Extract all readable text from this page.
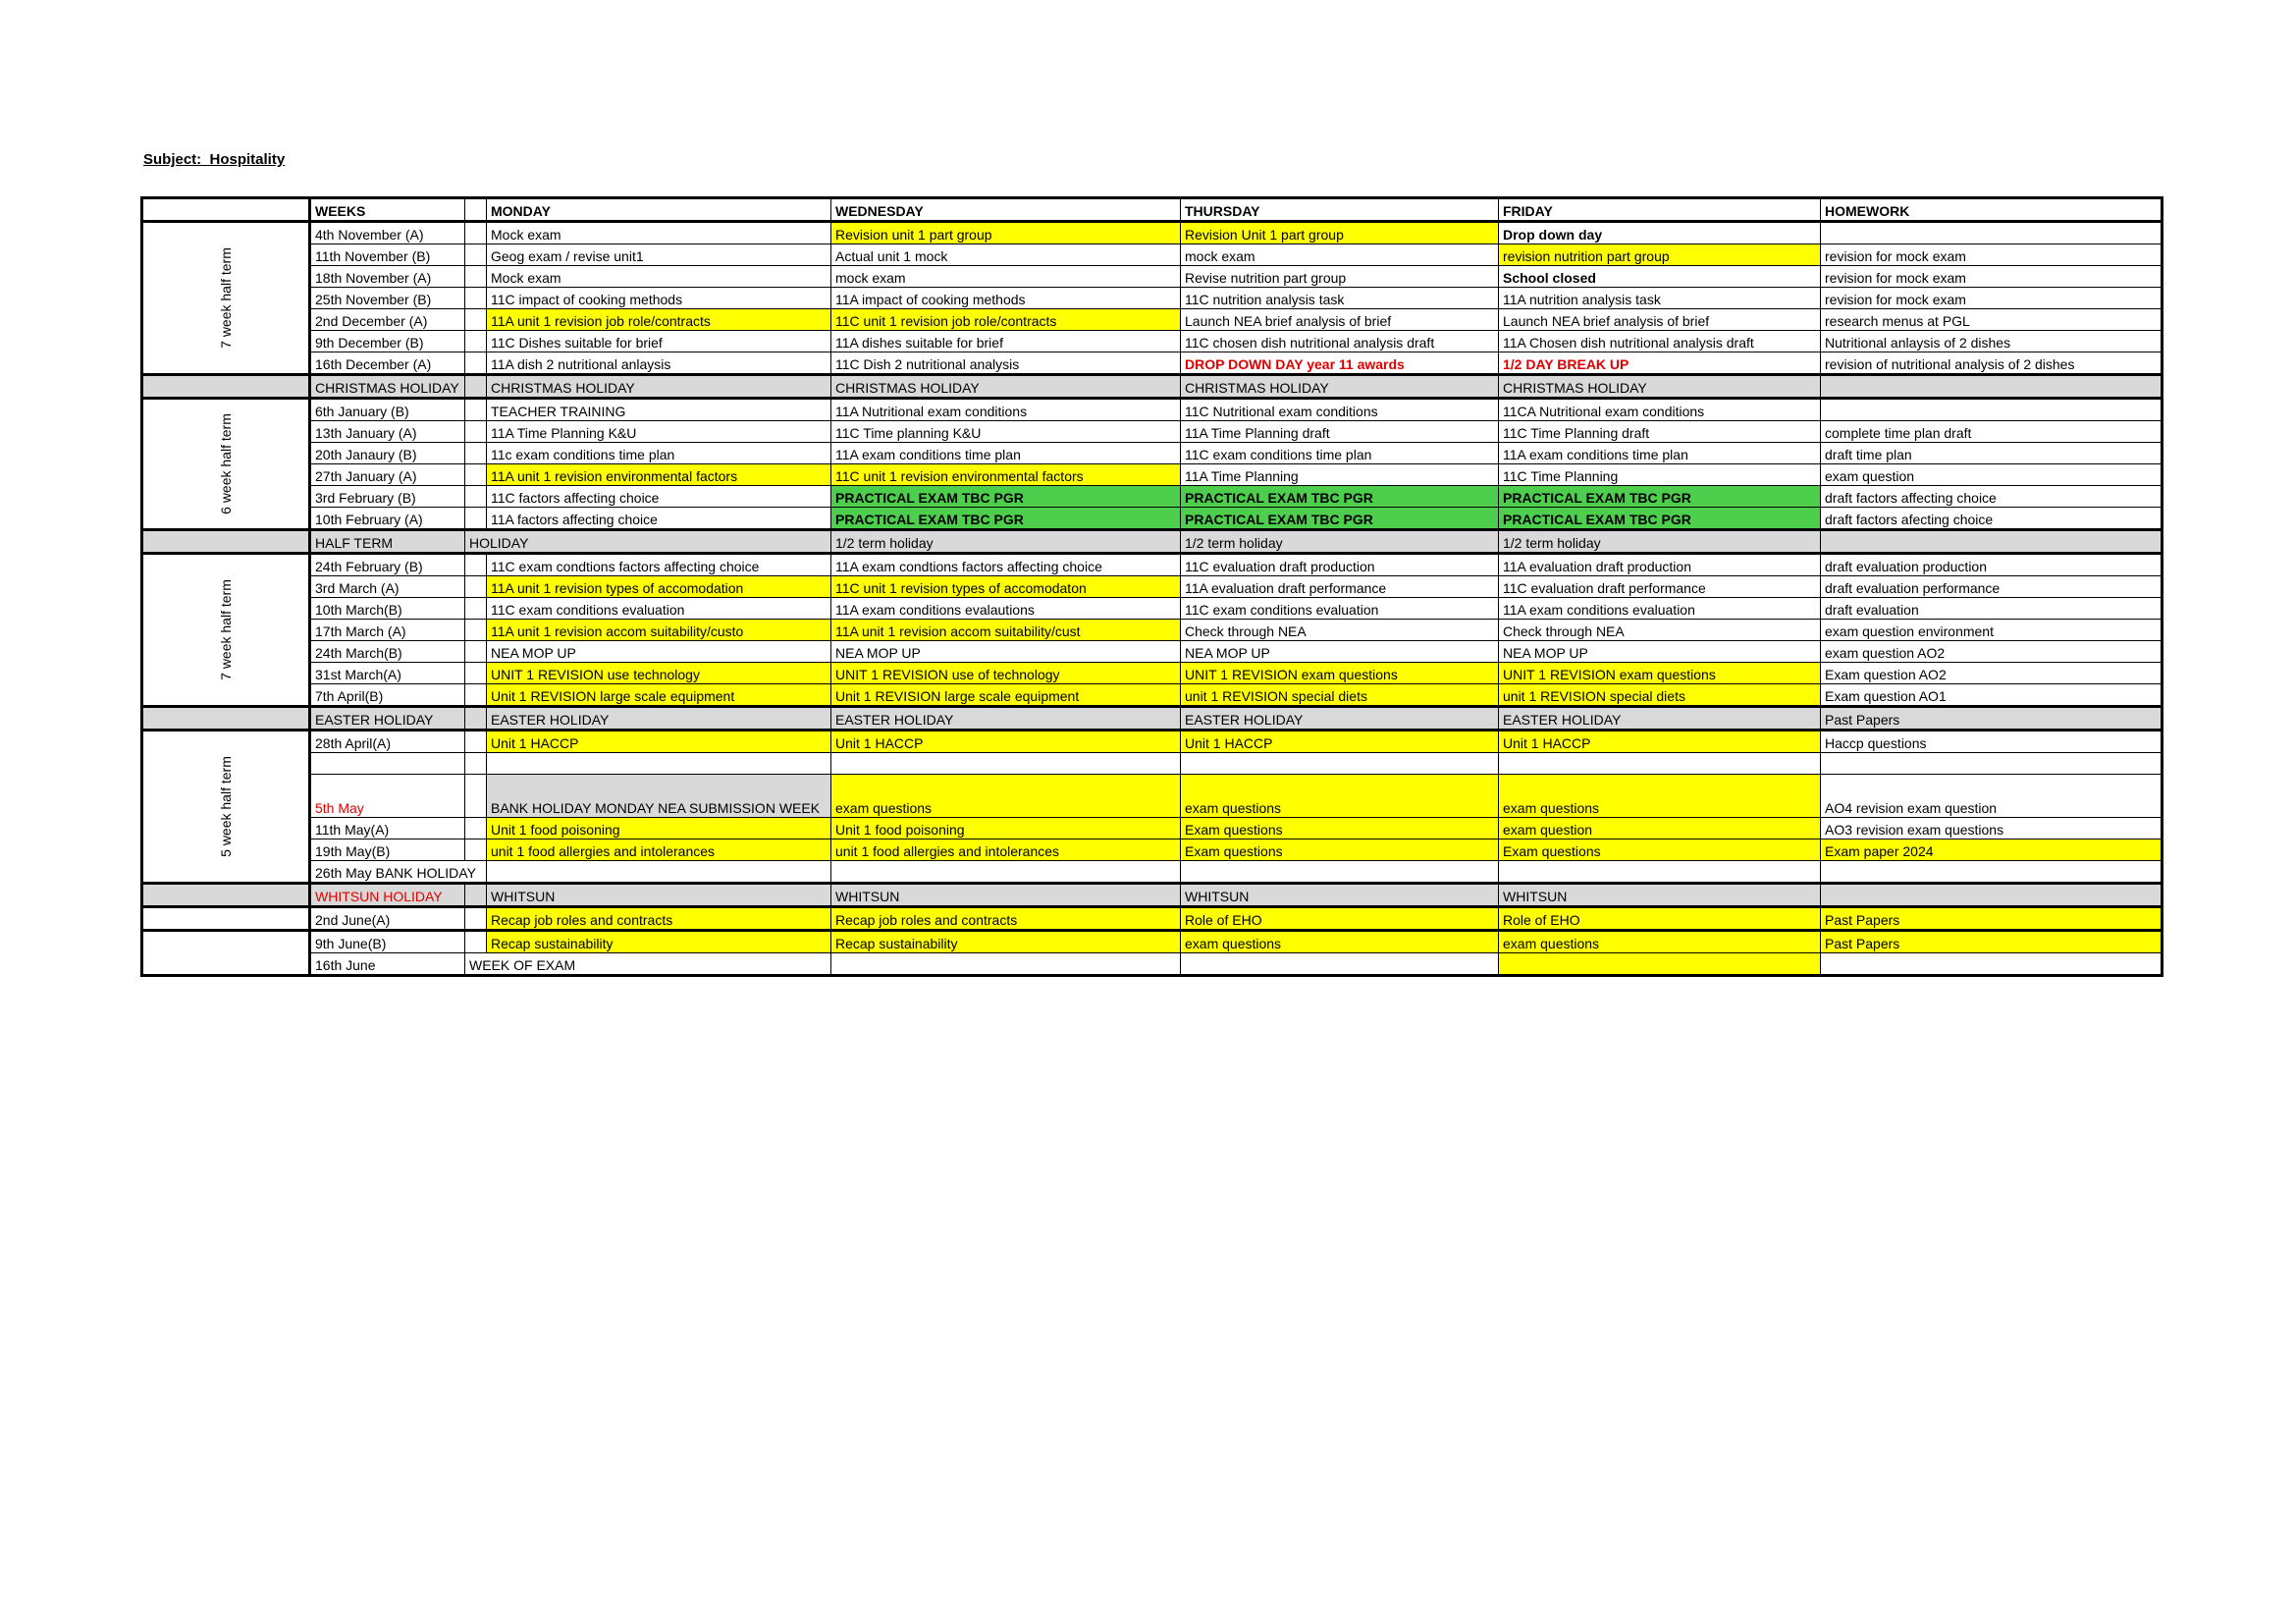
Subject:  Hospitality
	WEEKS		MONDAY	WEDNESDAY	THURSDAY	FRIDAY	HOMEWORK
7 week half term	4th November (A)		Mock exam	Revision unit 1 part group	Revision Unit 1 part group	Drop down day	
	11th November (B)		Geog exam / revise unit1	Actual unit 1 mock	mock exam	revision nutrition part group	revision for mock exam
	18th November (A)		Mock exam	mock exam	Revise nutrition part group	School closed	revision for mock exam
	25th November (B)		11C impact of cooking methods	11A impact of cooking methods	11C nutrition analysis task	11A nutrition analysis task	revision for mock exam
	2nd December (A)		11A unit 1 revision job role/contracts	11C unit 1 revision job role/contracts	Launch NEA brief analysis of brief	Launch NEA brief analysis of brief	research menus at PGL
	9th December (B)		11C Dishes suitable for brief	11A dishes suitable for brief	11C chosen dish nutritional analysis draft	11A Chosen dish nutritional analysis draft	Nutritional anlaysis of 2 dishes
	16th December (A)		11A dish 2 nutritional anlaysis	11C Dish 2 nutritional analysis	DROP DOWN DAY year 11 awards	1/2 DAY BREAK UP	revision of nutritional analysis of 2 dishes
	CHRISTMAS HOLIDAY		CHRISTMAS HOLIDAY	CHRISTMAS HOLIDAY	CHRISTMAS HOLIDAY	CHRISTMAS HOLIDAY	
6 week half term	6th January (B)		TEACHER TRAINING	11A Nutritional exam conditions	11C Nutritional exam conditions	11CA Nutritional exam conditions	
	13th January (A)		11A Time Planning K&U	11C Time planning K&U	11A Time Planning draft	11C Time Planning draft	complete time plan draft
	20th Janaury (B)		11c exam conditions time plan	11A exam conditions time plan	11C exam conditions time plan	11A exam conditions time plan	draft time plan
	27th January (A)		11A unit 1 revision environmental factors	11C unit 1 revision environmental factors	11A Time Planning	11C Time Planning	exam question
	3rd February (B)		11C factors affecting choice	PRACTICAL EXAM TBC PGR	PRACTICAL EXAM TBC PGR	PRACTICAL EXAM TBC PGR	draft factors affecting choice
	10th February (A)		11A factors affecting choice	PRACTICAL EXAM TBC PGR	PRACTICAL EXAM TBC PGR	PRACTICAL EXAM TBC PGR	draft factors afecting choice
	HALF TERM	HOLIDAY		1/2 term holiday	1/2 term holiday	1/2 term holiday	
7 week half term	24th February (B)		11C exam condtions factors affecting choice	11A exam condtions factors affecting choice	11C evaluation draft production	11A evaluation draft production	draft evaluation production
	3rd March (A)		11A unit 1 revision types of accomodation	11C unit 1 revision types of accomodaton	11A evaluation draft performance	11C evaluation draft performance	draft evaluation performance
	10th March(B)		11C exam conditions evaluation	11A exam conditions evalautions	11C exam conditions evaluation	11A exam conditions evaluation	draft evaluation
	17th March (A)		11A unit 1 revision accom suitability/custo	11A unit 1 revision accom suitability/cust	Check through NEA	Check through NEA	exam question environment
	24th March(B)		NEA MOP UP	NEA MOP UP	NEA MOP UP	NEA MOP UP	exam question AO2
	31st March(A)		UNIT 1 REVISION use technology	UNIT 1 REVISION use of technology	UNIT 1 REVISION exam questions	UNIT 1 REVISION exam questions	Exam question AO2
	7th April(B)		Unit 1 REVISION large scale equipment	Unit 1 REVISION large scale equipment	unit 1 REVISION special diets	unit 1 REVISION special diets	Exam question AO1
	EASTER HOLIDAY		EASTER HOLIDAY	EASTER HOLIDAY	EASTER HOLIDAY	EASTER HOLIDAY	Past Papers
5 week half term	28th April(A)		Unit 1 HACCP	Unit 1 HACCP	Unit 1 HACCP	Unit 1 HACCP	Haccp questions

	5th May		BANK HOLIDAY MONDAY NEA SUBMISSION WEEK	exam questions	exam questions	exam questions	AO4 revision exam question
	11th May(A)		Unit 1 food poisoning	Unit 1 food poisoning	Exam questions	exam question	AO3 revision exam questions
	19th May(B)		unit 1 food allergies and intolerances	unit 1 food allergies and intolerances	Exam questions	Exam questions	Exam paper 2024
	26th May BANK HOLIDAY						
	WHITSUN HOLIDAY		WHITSUN	WHITSUN	WHITSUN	WHITSUN	
	2nd June(A)		Recap job roles and contracts	Recap job roles and contracts	Role of EHO	Role of EHO	Past Papers
	9th June(B)		Recap sustainability	Recap sustainability	exam questions	exam questions	Past Papers
	16th June	WEEK OF EXAM					
